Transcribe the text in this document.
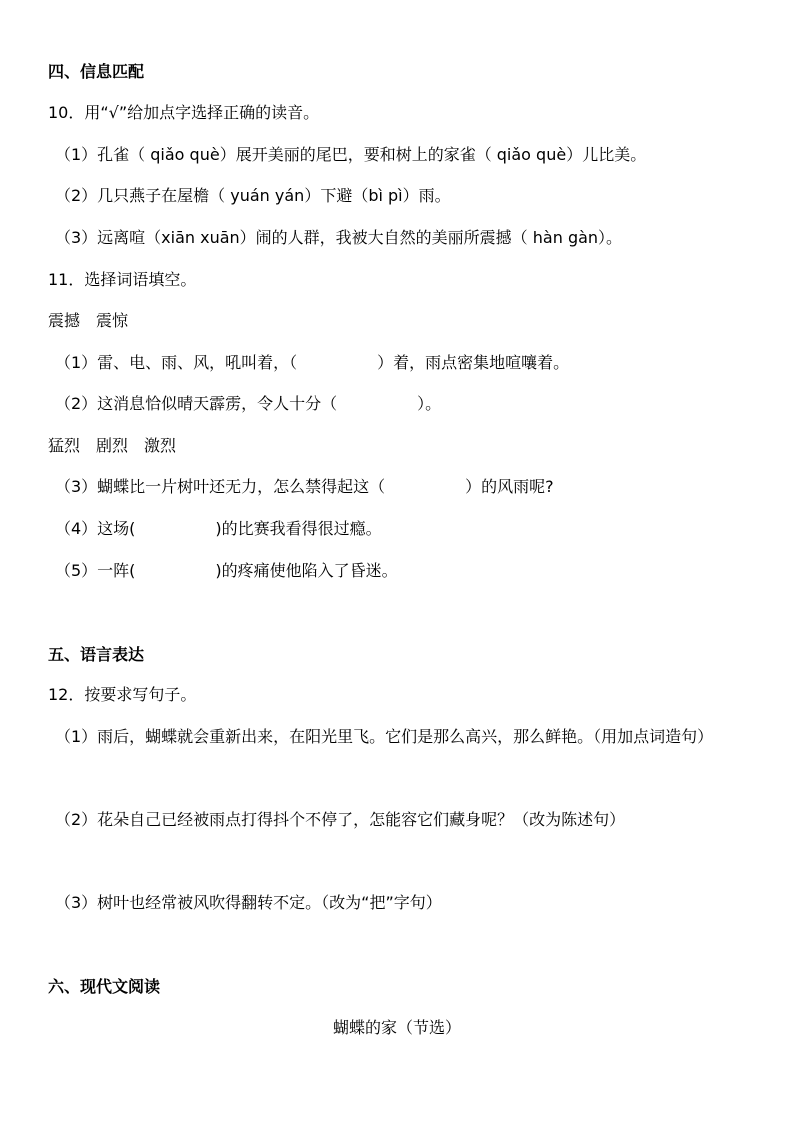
四、信息匹配
10．用“√”给加点字选择正确的读音。
（1）孔雀（ qiǎo què）展开美丽的尾巴，要和树上的家雀（ qiǎo què）儿比美。
（2）几只燕子在屋檐（ yuán yán）下避（bì pì）雨。
（3）远离喧（xiān xuān）闹的人群，我被大自然的美丽所震撼（ hàn gàn）。
11．选择词语填空。
震撼　震惊
（1）雷、电、雨、风，吼叫着，（　　　　　）着，雨点密集地喧嚷着。
（2）这消息恰似晴天霹雳，令人十分（　　　　　）。
猛烈　剧烈　激烈
（3）蝴蝶比一片树叶还无力，怎么禁得起这（　　　　　）的风雨呢?
（4）这场(　　　　　)的比赛我看得很过瘾。
（5）一阵(　　　　　)的疼痛使他陷入了昏迷。
五、语言表达
12．按要求写句子。
（1）雨后，蝴蝶就会重新出来，在阳光里飞。它们是那么高兴，那么鲜艳。（用加点词造句）
（2）花朵自己已经被雨点打得抖个不停了，怎能容它们藏身呢？（改为陈述句）
（3）树叶也经常被风吹得翻转不定。（改为“把”字句）
六、现代文阅读
蝴蝶的家（节选）
